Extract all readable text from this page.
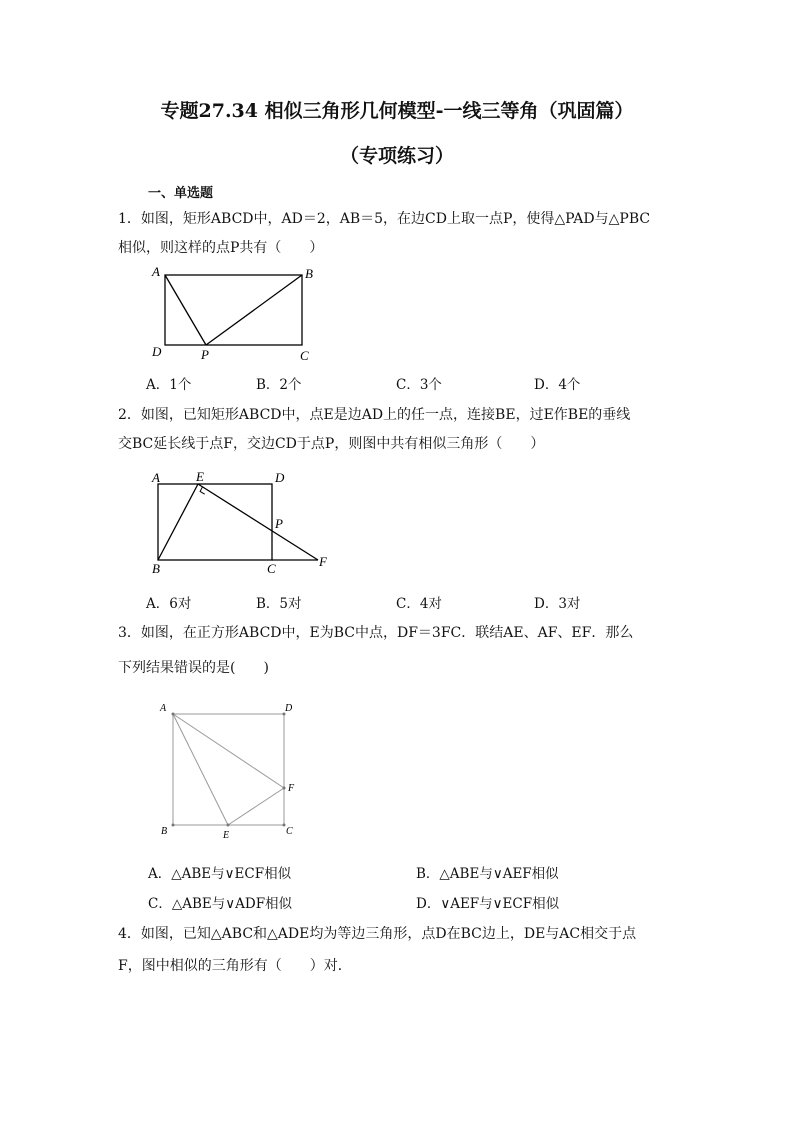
专题27.34 相似三角形几何模型-一线三等角（巩固篇）
（专项练习）
一、单选题
1．如图，矩形ABCD中，AD＝2，AB＝5，在边CD上取一点P，使得△PAD与△PBC
相似，则这样的点P共有（　　）
A	B
C
D	P
A．1个	B．2个	C．3个	D．4个
2．如图，已知矩形ABCD中，点E是边AD上的任一点，连接BE，过E作BE的垂线
交BC延长线于点F，交边CD于点P，则图中共有相似三角形（　　）
A	E	D
P
B	C	F
A．6对	B．5对	C．4对	D．3对
3．如图，在正方形ABCD中，E为BC中点，DF＝3FC．联结AE、AF、EF．那么
下列结果错误的是(　　)
A	D
F
B	E	C
A．△ABE与∨ECF相似	B．△ABE与∨AEF相似
C．△ABE与∨ADF相似	D．∨AEF与∨ECF相似
4．如图，已知△ABC和△ADE均为等边三角形，点D在BC边上，DE与AC相交于点
F，图中相似的三角形有（　　）对．
